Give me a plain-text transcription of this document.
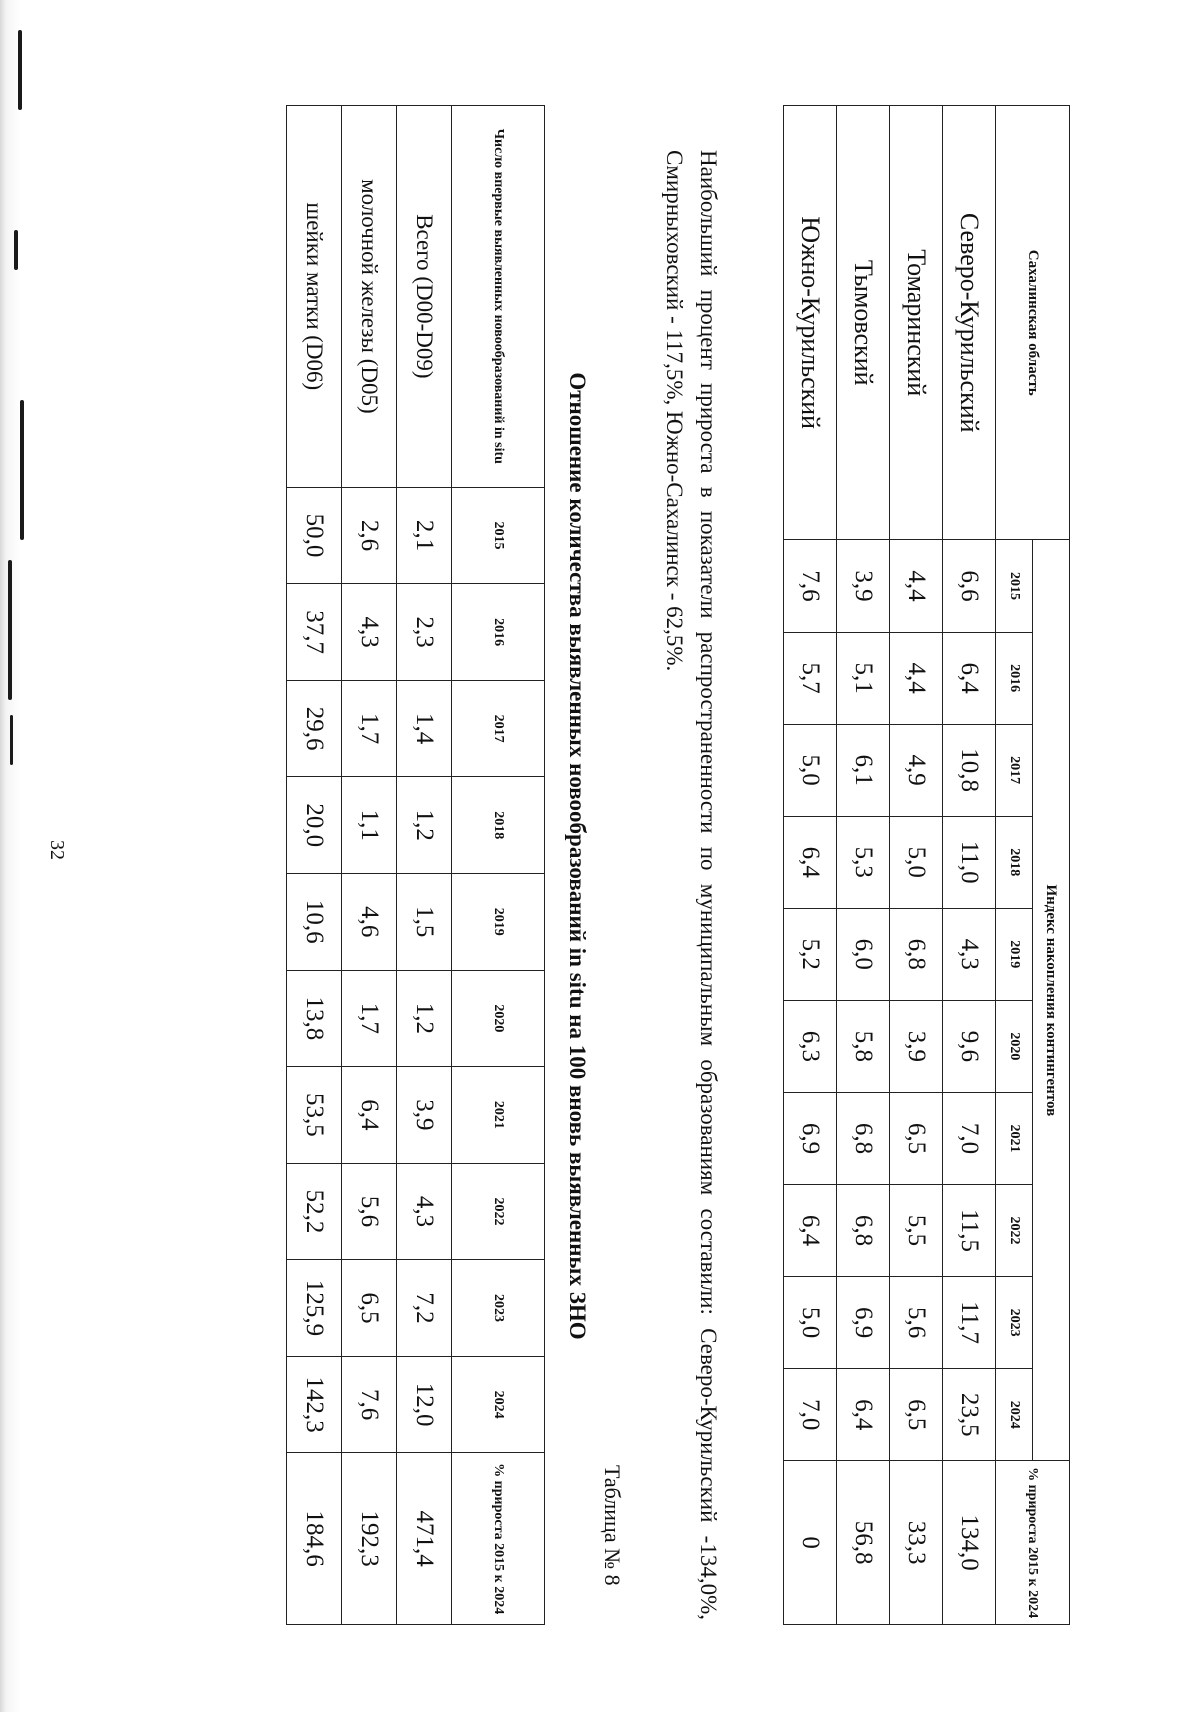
32
Сахалинская область	Индекс накопления контингентов										% прироста 2015 к 2024
	2015	2016	2017	2018	2019	2020	2021	2022	2023	2024	
Северо-Курильский	6,6	6,4	10,8	11,0	4,3	9,6	7,0	11,5	11,7	23,5	134,0
Томаринский	4,4	4,4	4,9	5,0	6,8	3,9	6,5	5,5	5,6	6,5	33,3
Тымовский	3,9	5,1	6,1	5,3	6,0	5,8	6,8	6,8	6,9	6,4	56,8
Южно-Курильский	7,6	5,7	5,0	6,4	5,2	6,3	6,9	6,4	5,0	7,0	0
Наибольший процент прироста в показатели распространенности по муниципальным образованиям составили: Северо-Курильский -134,0%, Смирныховский - 117,5%, Южно-Сахалинск - 62,5%.
Таблица № 8
Отношение количества выявленных новообразований in situ на 100 вновь выявленных ЗНО
Число впервые выявленных новообразований in situ	2015	2016	2017	2018	2019	2020	2021	2022	2023	2024	% прироста 2015 к 2024
Всего (D00-D09)	2,1	2,3	1,4	1,2	1,5	1,2	3,9	4,3	7,2	12,0	471,4
молочной железы (D05)	2,6	4,3	1,7	1,1	4,6	1,7	6,4	5,6	6,5	7,6	192,3
шейки матки (D06)	50,0	37,7	29,6	20,0	10,6	13,8	53,5	52,2	125,9	142,3	184,6
